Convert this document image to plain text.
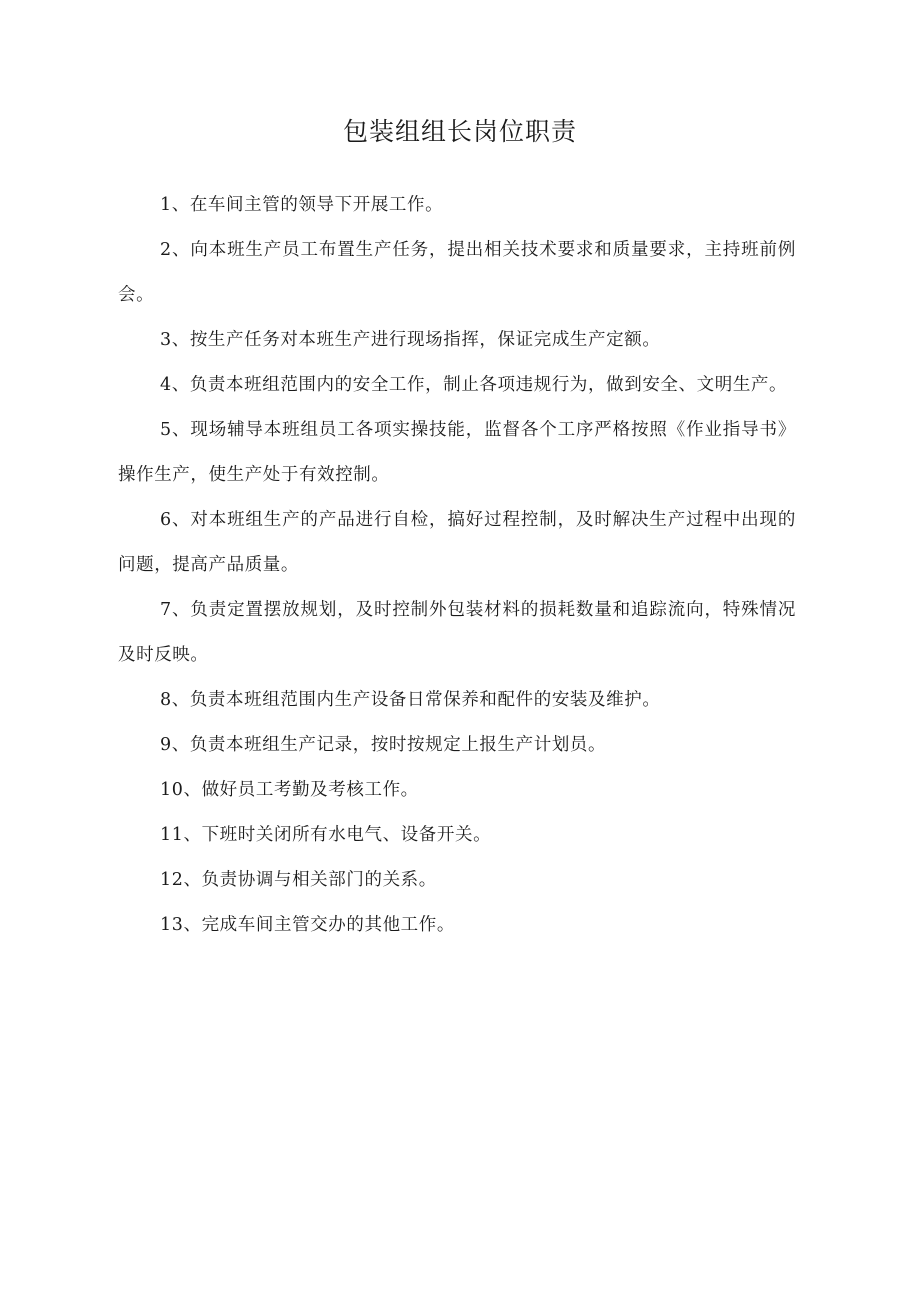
包装组组长岗位职责

1、在车间主管的领导下开展工作。

2、向本班生产员工布置生产任务，提出相关技术要求和质量要求，主持班前例会。

3、按生产任务对本班生产进行现场指挥，保证完成生产定额。

4、负责本班组范围内的安全工作，制止各项违规行为，做到安全、文明生产。

5、现场辅导本班组员工各项实操技能，监督各个工序严格按照《作业指导书》操作生产，使生产处于有效控制。

6、对本班组生产的产品进行自检，搞好过程控制，及时解决生产过程中出现的问题，提高产品质量。

7、负责定置摆放规划，及时控制外包装材料的损耗数量和追踪流向，特殊情况及时反映。

8、负责本班组范围内生产设备日常保养和配件的安装及维护。

9、负责本班组生产记录，按时按规定上报生产计划员。

10、做好员工考勤及考核工作。

11、下班时关闭所有水电气、设备开关。

12、负责协调与相关部门的关系。

13、完成车间主管交办的其他工作。
